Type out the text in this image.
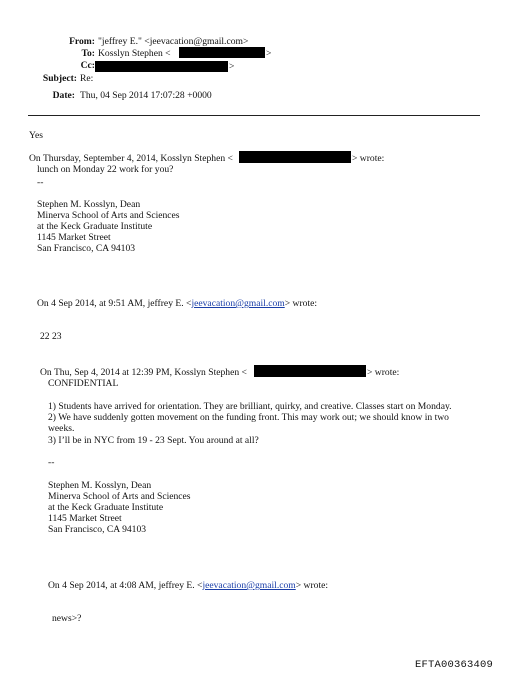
From: "jeffrey E." <jeevacation@gmail.com>
To: Kosslyn Stephen <	>
Cc:	>
Subject: Re:
Date: Thu, 04 Sep 2014 17:07:28 +0000
Yes
On Thursday, September 4, 2014, Kosslyn Stephen <	> wrote:
lunch on Monday 22 work for you?
--
Stephen M. Kosslyn, Dean
Minerva School of Arts and Sciences
at the Keck Graduate Institute
1145 Market Street
San Francisco, CA 94103
On 4 Sep 2014, at 9:51 AM, jeffrey E. <jeevacation@gmail.com> wrote:
22 23
On Thu, Sep 4, 2014 at 12:39 PM, Kosslyn Stephen <	> wrote:
CONFIDENTIAL
1) Students have arrived for orientation. They are brilliant, quirky, and creative. Classes start on Monday.
2) We have suddenly gotten movement on the funding front. This may work out; we should know in two
weeks.
3) I’ll be in NYC from 19 - 23 Sept. You around at all?
--
Stephen M. Kosslyn, Dean
Minerva School of Arts and Sciences
at the Keck Graduate Institute
1145 Market Street
San Francisco, CA 94103
On 4 Sep 2014, at 4:08 AM, jeffrey E. <jeevacation@gmail.com> wrote:
news>?
EFTA00363409
